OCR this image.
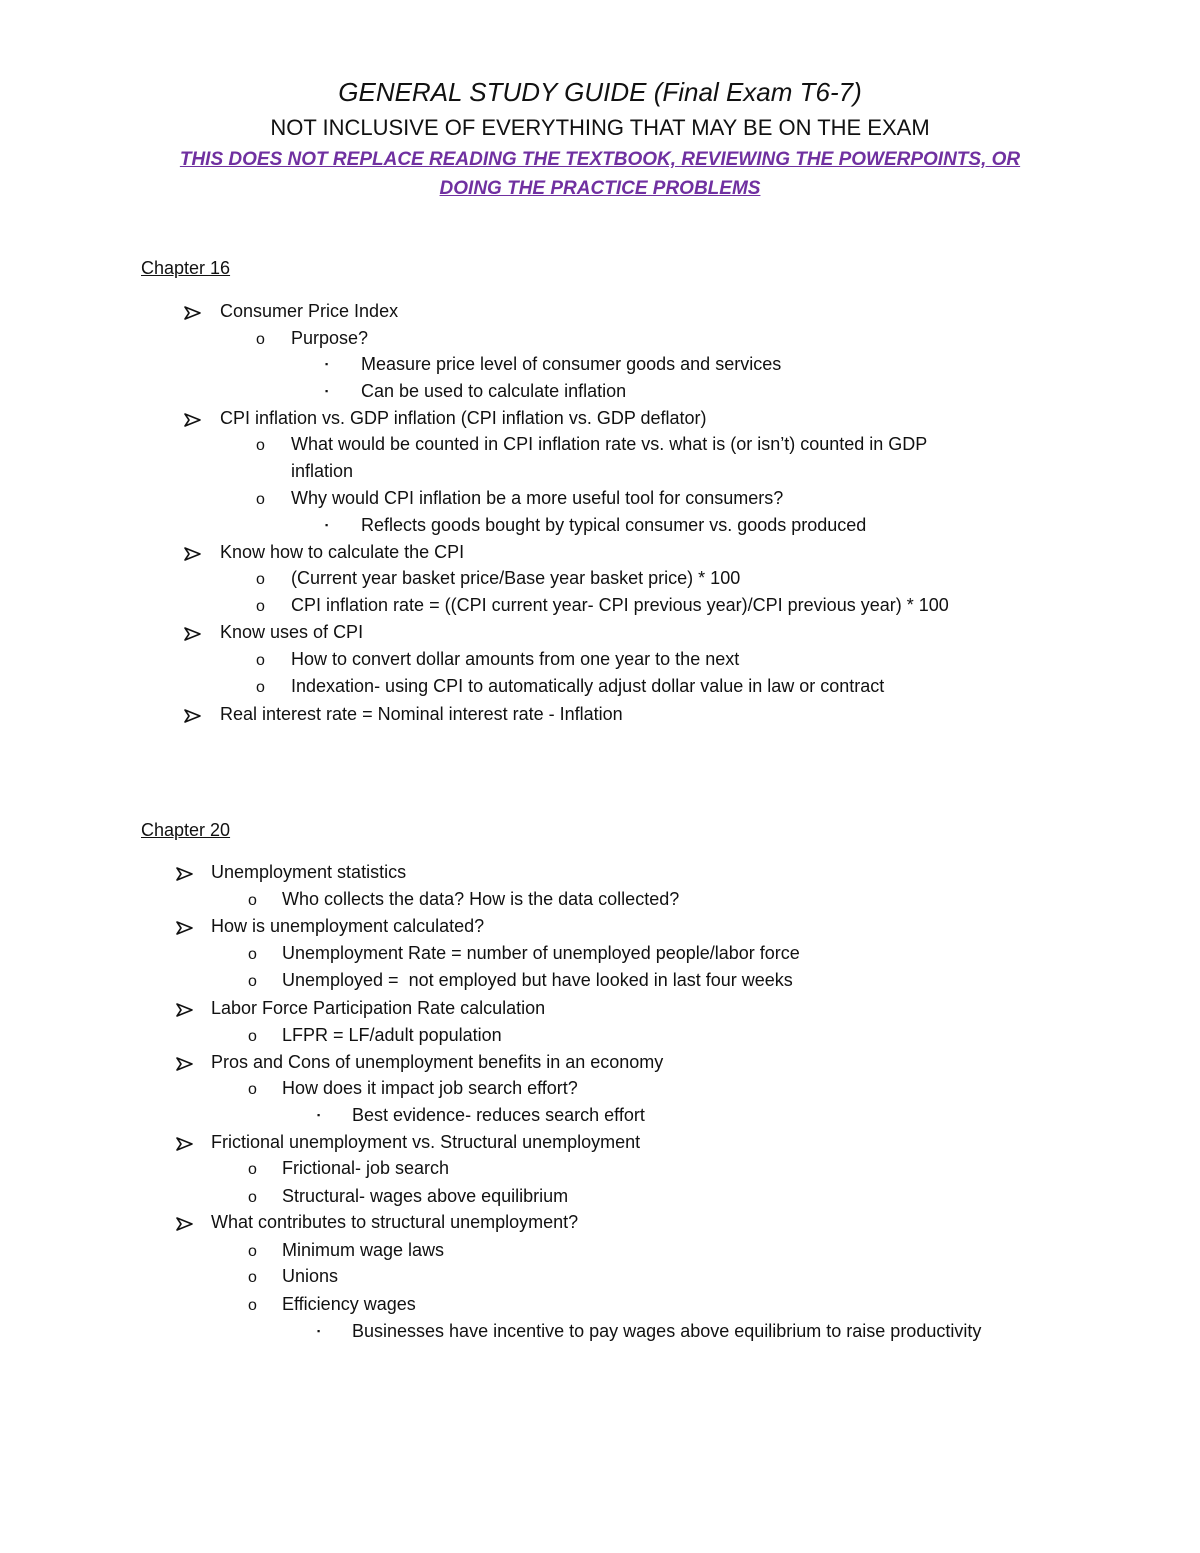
GENERAL STUDY GUIDE (Final Exam T6-7)
NOT INCLUSIVE OF EVERYTHING THAT MAY BE ON THE EXAM
THIS DOES NOT REPLACE READING THE TEXTBOOK, REVIEWING THE POWERPOINTS, OR
DOING THE PRACTICE PROBLEMS
Chapter 16
Consumer Price Index
o Purpose?
▪ Measure price level of consumer goods and services
▪ Can be used to calculate inflation
CPI inflation vs. GDP inflation (CPI inflation vs. GDP deflator)
o What would be counted in CPI inflation rate vs. what is (or isn’t) counted in GDP
inflation
o Why would CPI inflation be a more useful tool for consumers?
▪ Reflects goods bought by typical consumer vs. goods produced
Know how to calculate the CPI
o (Current year basket price/Base year basket price) * 100
o CPI inflation rate = ((CPI current year- CPI previous year)/CPI previous year) * 100
Know uses of CPI
o How to convert dollar amounts from one year to the next
o Indexation- using CPI to automatically adjust dollar value in law or contract
Real interest rate = Nominal interest rate - Inflation
Chapter 20
Unemployment statistics
o Who collects the data? How is the data collected?
How is unemployment calculated?
o Unemployment Rate = number of unemployed people/labor force
o Unemployed =  not employed but have looked in last four weeks
Labor Force Participation Rate calculation
o LFPR = LF/adult population
Pros and Cons of unemployment benefits in an economy
o How does it impact job search effort?
▪ Best evidence- reduces search effort
Frictional unemployment vs. Structural unemployment
o Frictional- job search
o Structural- wages above equilibrium
What contributes to structural unemployment?
o Minimum wage laws
o Unions
o Efficiency wages
▪ Businesses have incentive to pay wages above equilibrium to raise productivity
